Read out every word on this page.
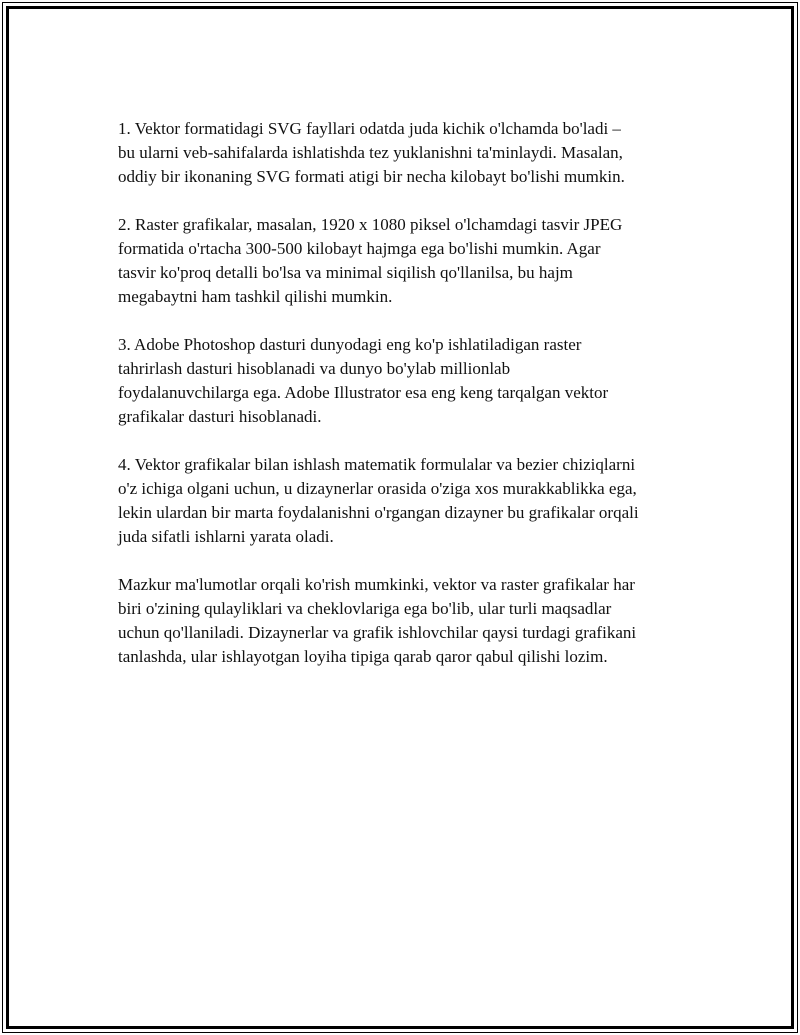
1. Vektor formatidagi SVG fayllari odatda juda kichik o'lchamda bo'ladi –
bu ularni veb-sahifalarda ishlatishda tez yuklanishni ta'minlaydi. Masalan,
oddiy bir ikonaning SVG formati atigi bir necha kilobayt bo'lishi mumkin.

2. Raster grafikalar, masalan, 1920 x 1080 piksel o'lchamdagi tasvir JPEG
formatida o'rtacha 300-500 kilobayt hajmga ega bo'lishi mumkin. Agar
tasvir ko'proq detalli bo'lsa va minimal siqilish qo'llanilsa, bu hajm
megabaytni ham tashkil qilishi mumkin.

3. Adobe Photoshop dasturi dunyodagi eng ko'p ishlatiladigan raster
tahrirlash dasturi hisoblanadi va dunyo bo'ylab millionlab
foydalanuvchilarga ega. Adobe Illustrator esa eng keng tarqalgan vektor
grafikalar dasturi hisoblanadi.

4. Vektor grafikalar bilan ishlash matematik formulalar va bezier chiziqlarni
o'z ichiga olgani uchun, u dizaynerlar orasida o'ziga xos murakkablikka ega,
lekin ulardan bir marta foydalanishni o'rgangan dizayner bu grafikalar orqali
juda sifatli ishlarni yarata oladi.

Mazkur ma'lumotlar orqali ko'rish mumkinki, vektor va raster grafikalar har
biri o'zining qulayliklari va cheklovlariga ega bo'lib, ular turli maqsadlar
uchun qo'llaniladi. Dizaynerlar va grafik ishlovchilar qaysi turdagi grafikani
tanlashda, ular ishlayotgan loyiha tipiga qarab qaror qabul qilishi lozim.
